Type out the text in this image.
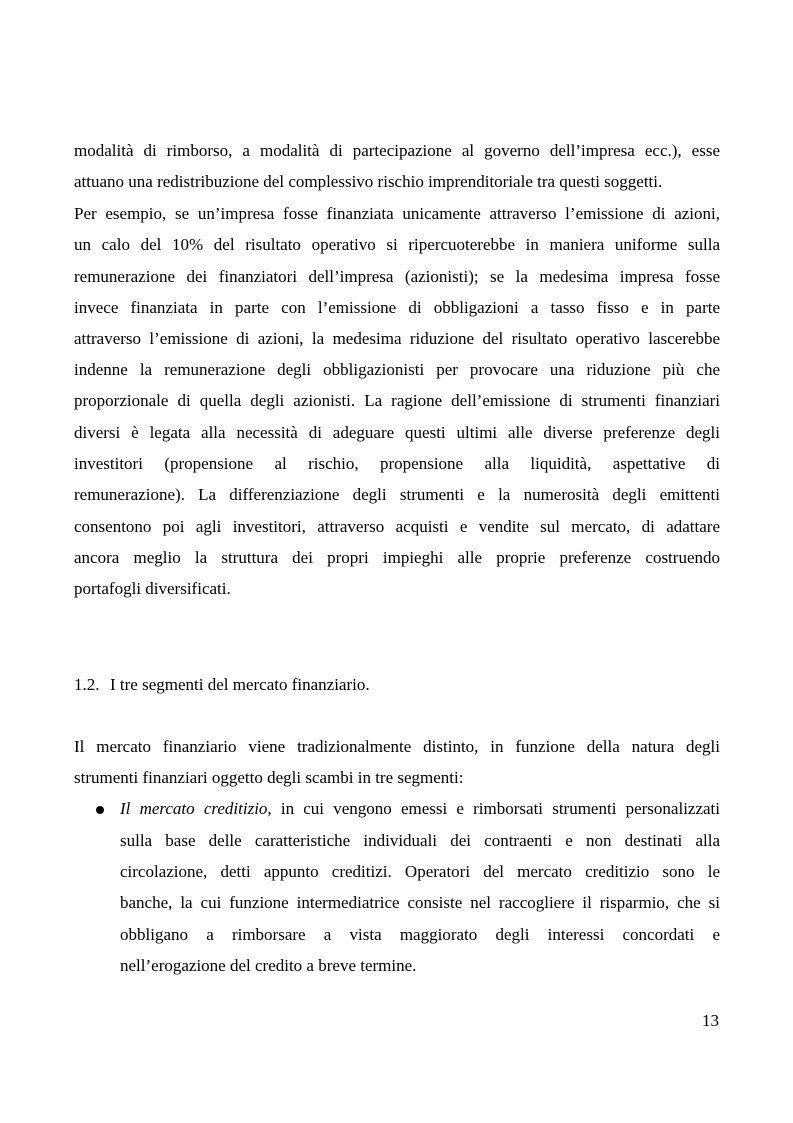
modalità di rimborso, a modalità di partecipazione al governo dell’impresa ecc.), esse
attuano una redistribuzione del complessivo rischio imprenditoriale tra questi soggetti.
Per esempio, se un’impresa fosse finanziata unicamente attraverso l’emissione di azioni,
un calo del 10% del risultato operativo si ripercuoterebbe in maniera uniforme sulla
remunerazione dei finanziatori dell’impresa (azionisti); se la medesima impresa fosse
invece finanziata in parte con l’emissione di obbligazioni a tasso fisso e in parte
attraverso l’emissione di azioni, la medesima riduzione del risultato operativo lascerebbe
indenne la remunerazione degli obbligazionisti per provocare una riduzione più che
proporzionale di quella degli azionisti. La ragione dell’emissione di strumenti finanziari
diversi è legata alla necessità di adeguare questi ultimi alle diverse preferenze degli
investitori (propensione al rischio, propensione alla liquidità, aspettative di
remunerazione). La differenziazione degli strumenti e la numerosità degli emittenti
consentono poi agli investitori, attraverso acquisti e vendite sul mercato, di adattare
ancora meglio la struttura dei propri impieghi alle proprie preferenze costruendo
portafogli diversificati.
1.2. I tre segmenti del mercato finanziario.
Il mercato finanziario viene tradizionalmente distinto, in funzione della natura degli
strumenti finanziari oggetto degli scambi in tre segmenti:
Il mercato creditizio, in cui vengono emessi e rimborsati strumenti personalizzati
sulla base delle caratteristiche individuali dei contraenti e non destinati alla
circolazione, detti appunto creditizi. Operatori del mercato creditizio sono le
banche, la cui funzione intermediatrice consiste nel raccogliere il risparmio, che si
obbligano a rimborsare a vista maggiorato degli interessi concordati e
nell’erogazione del credito a breve termine.
13
